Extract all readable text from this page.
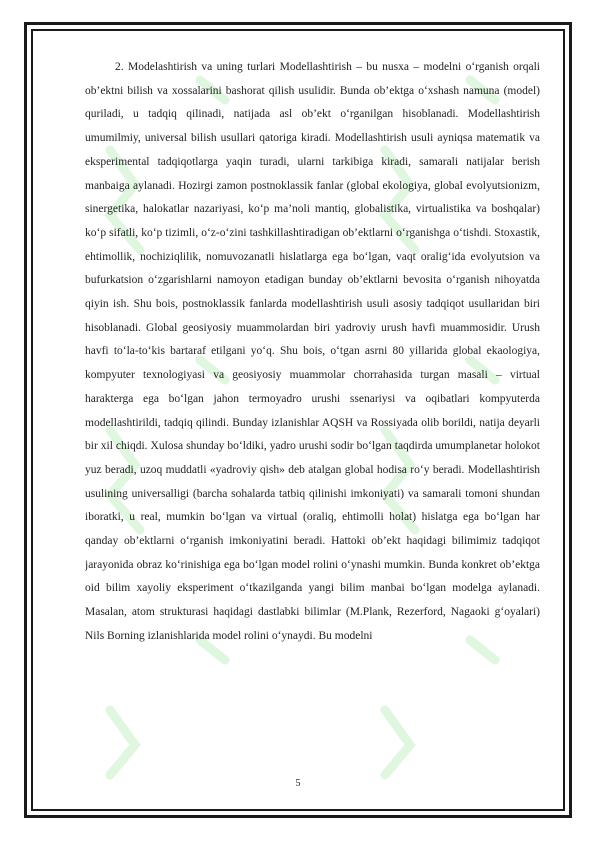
2. Modelashtirish va uning turlari Modellashtirish – bu nusxa – modelni o‘rganish orqali ob’ektni bilish va xossalarini bashorat qilish usulidir. Bunda ob’ektga o‘xshash namuna (model) quriladi, u tadqiq qilinadi, natijada asl ob’ekt o‘rganilgan hisoblanadi. Modellashtirish umumilmiy, universal bilish usullari qatoriga kiradi. Modellashtirish usuli ayniqsa matematik va eksperimental tadqiqotlarga yaqin turadi, ularni tarkibiga kiradi, samarali natijalar berish manbaiga aylanadi. Hozirgi zamon postnoklassik fanlar (global ekologiya, global evolyutsionizm, sinergetika, halokatlar nazariyasi, ko‘p ma’noli mantiq, globalistika, virtualistika va boshqalar) ko‘p sifatli, ko‘p tizimli, o‘z-o‘zini tashkillashtiradigan ob’ektlarni o‘rganishga o‘tishdi. Stoxastik, ehtimollik, nochiziqlilik, nomuvozanatli hislatlarga ega bo‘lgan, vaqt oralig‘ida evolyutsion va bufurkatsion o‘zgarishlarni namoyon etadigan bunday ob’ektlarni bevosita o‘rganish nihoyatda qiyin ish. Shu bois, postnoklassik fanlarda modellashtirish usuli asosiy tadqiqot usullaridan biri hisoblanadi. Global geosiyosiy muammolardan biri yadroviy urush havfi muammosidir. Urush havfi to‘la-to‘kis bartaraf etilgani yo‘q. Shu bois, o‘tgan asrni 80 yillarida global ekaologiya, kompyuter texnologiyasi va geosiyosiy muammolar chorrahasida turgan masali – virtual harakterga ega bo‘lgan jahon termoyadro urushi ssenariysi va oqibatlari kompyuterda modellashtirildi, tadqiq qilindi. Bunday izlanishlar AQSH va Rossiyada olib borildi, natija deyarli bir xil chiqdi. Xulosa shunday bo‘ldiki, yadro urushi sodir bo‘lgan taqdirda umumplanetar holokot yuz beradi, uzoq muddatli «yadroviy qish» deb atalgan global hodisa ro‘y beradi. Modellashtirish usulining universalligi (barcha sohalarda tatbiq qilinishi imkoniyati) va samarali tomoni shundan iboratki, u real, mumkin bo‘lgan va virtual (oraliq, ehtimolli holat) hislatga ega bo‘lgan har qanday ob’ektlarni o‘rganish imkoniyatini beradi. Hattoki ob’ekt haqidagi bilimimiz tadqiqot jarayonida obraz ko‘rinishiga ega bo‘lgan model rolini o‘ynashi mumkin. Bunda konkret ob’ektga oid bilim xayoliy eksperiment o‘tkazilganda yangi bilim manbai bo‘lgan modelga aylanadi. Masalan, atom strukturasi haqidagi dastlabki bilimlar (M.Plank, Rezerford, Nagaoki g‘oyalari) Nils Borning izlanishlarida model rolini o‘ynaydi. Bu modelni

5
